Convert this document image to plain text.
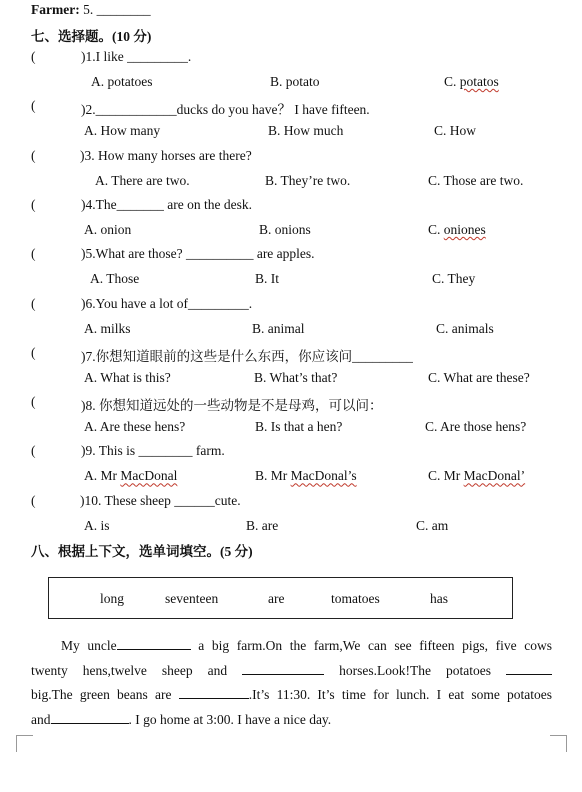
Farmer: 5. ________
七、选择题。(10 分)
(	)1.I like _________.
A. potatoes	B. potato	C. potatos
(	)2.____________ducks do you have？ I have fifteen.
A. How many	B. How much	C. How
(	)3. How many horses are there?
A. There are two.	B. They’re two.	C. Those are two.
(	)4.The_______ are on the desk.
A. onion	B. onions	C. oniones
(	)5.What are those? __________ are apples.
A. Those	B. It	C. They
(	)6.You have a lot of_________.
A. milks	B. animal	C. animals
(	)7.你想知道眼前的这些是什么东西，你应该问_________
A. What is this?	B. What’s that?	C. What are these?
(	)8. 你想知道远处的一些动物是不是母鸡，可以问：
A. Are these hens?	B. Is that a hen?	C. Are those hens?
(	)9. This is ________ farm.
A. Mr MacDonal	B. Mr MacDonal’s	C. Mr MacDonal’
(	)10. These sheep ______cute.
A. is	B. are	C. am
八、根据上下文，选单词填空。(5 分)
long	seventeen	are	tomatoes	has
My uncle	a big farm.On the farm,We can see fifteen pigs, five cows
twenty hens,twelve sheep and	horses.Look!The potatoes
big.The green beans are	.It’s 11:30. It’s time for lunch. I eat some potatoes
and	. I go home at 3:00. I have a nice day.
